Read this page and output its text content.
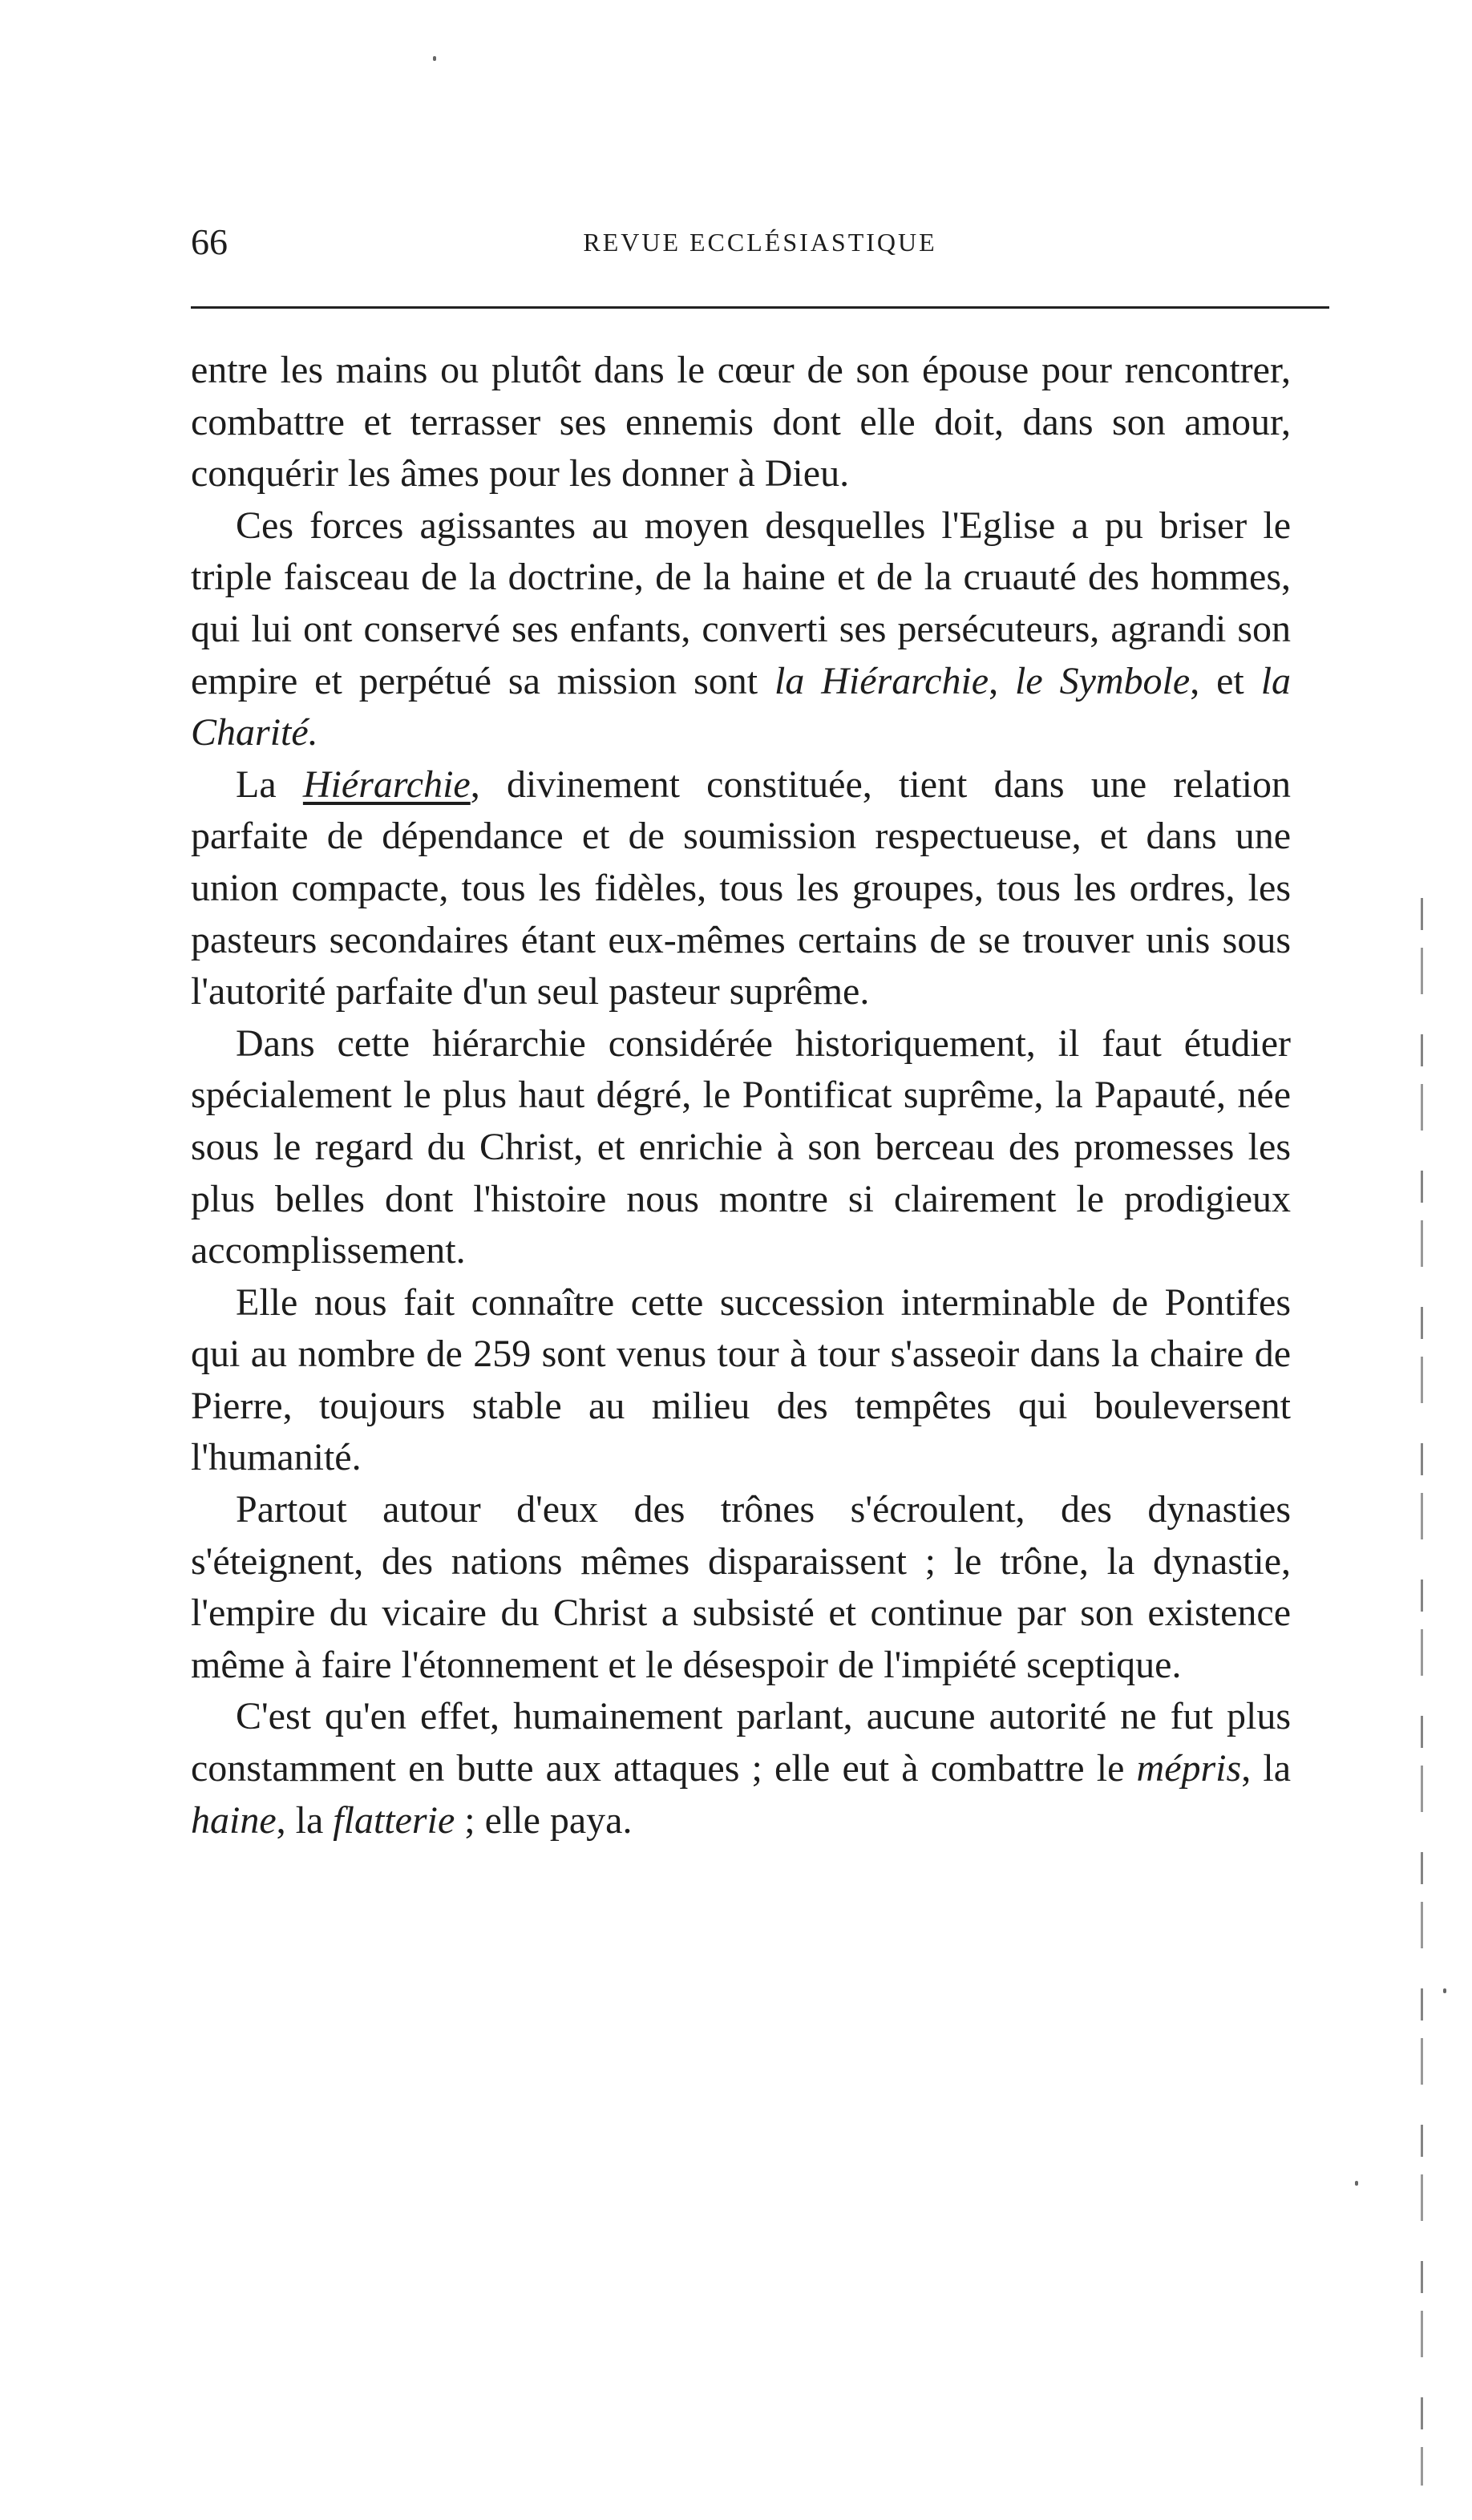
66	REVUE ECCLÉSIASTIQUE

entre les mains ou plutôt dans le cœur de son épouse pour rencontrer, combattre et terrasser ses ennemis dont elle doit, dans son amour, conquérir les âmes pour les donner à Dieu.

Ces forces agissantes au moyen desquelles l'Eglise a pu briser le triple faisceau de la doctrine, de la haine et de la cruauté des hommes, qui lui ont conservé ses enfants, converti ses persécuteurs, agrandi son empire et perpétué sa mission sont la Hiérarchie, le Symbole, et la Charité.

La Hiérarchie, divinement constituée, tient dans une relation parfaite de dépendance et de soumission respectueuse, et dans une union compacte, tous les fidèles, tous les groupes, tous les ordres, les pasteurs secondaires étant eux-mêmes certains de se trouver unis sous l'autorité parfaite d'un seul pasteur suprême.

Dans cette hiérarchie considérée historiquement, il faut étudier spécialement le plus haut dégré, le Pontificat suprême, la Papauté, née sous le regard du Christ, et enrichie à son berceau des promesses les plus belles dont l'histoire nous montre si clairement le prodigieux accomplissement.

Elle nous fait connaître cette succession interminable de Pontifes qui au nombre de 259 sont venus tour à tour s'asseoir dans la chaire de Pierre, toujours stable au milieu des tempêtes qui bouleversent l'humanité.

Partout autour d'eux des trônes s'écroulent, des dynasties s'éteignent, des nations mêmes disparaissent ; le trône, la dynastie, l'empire du vicaire du Christ a subsisté et continue par son existence même à faire l'étonnement et le désespoir de l'impiété sceptique.

C'est qu'en effet, humainement parlant, aucune autorité ne fut plus constamment en butte aux attaques ; elle eut à combattre le mépris, la haine, la flatterie ; elle paya.
